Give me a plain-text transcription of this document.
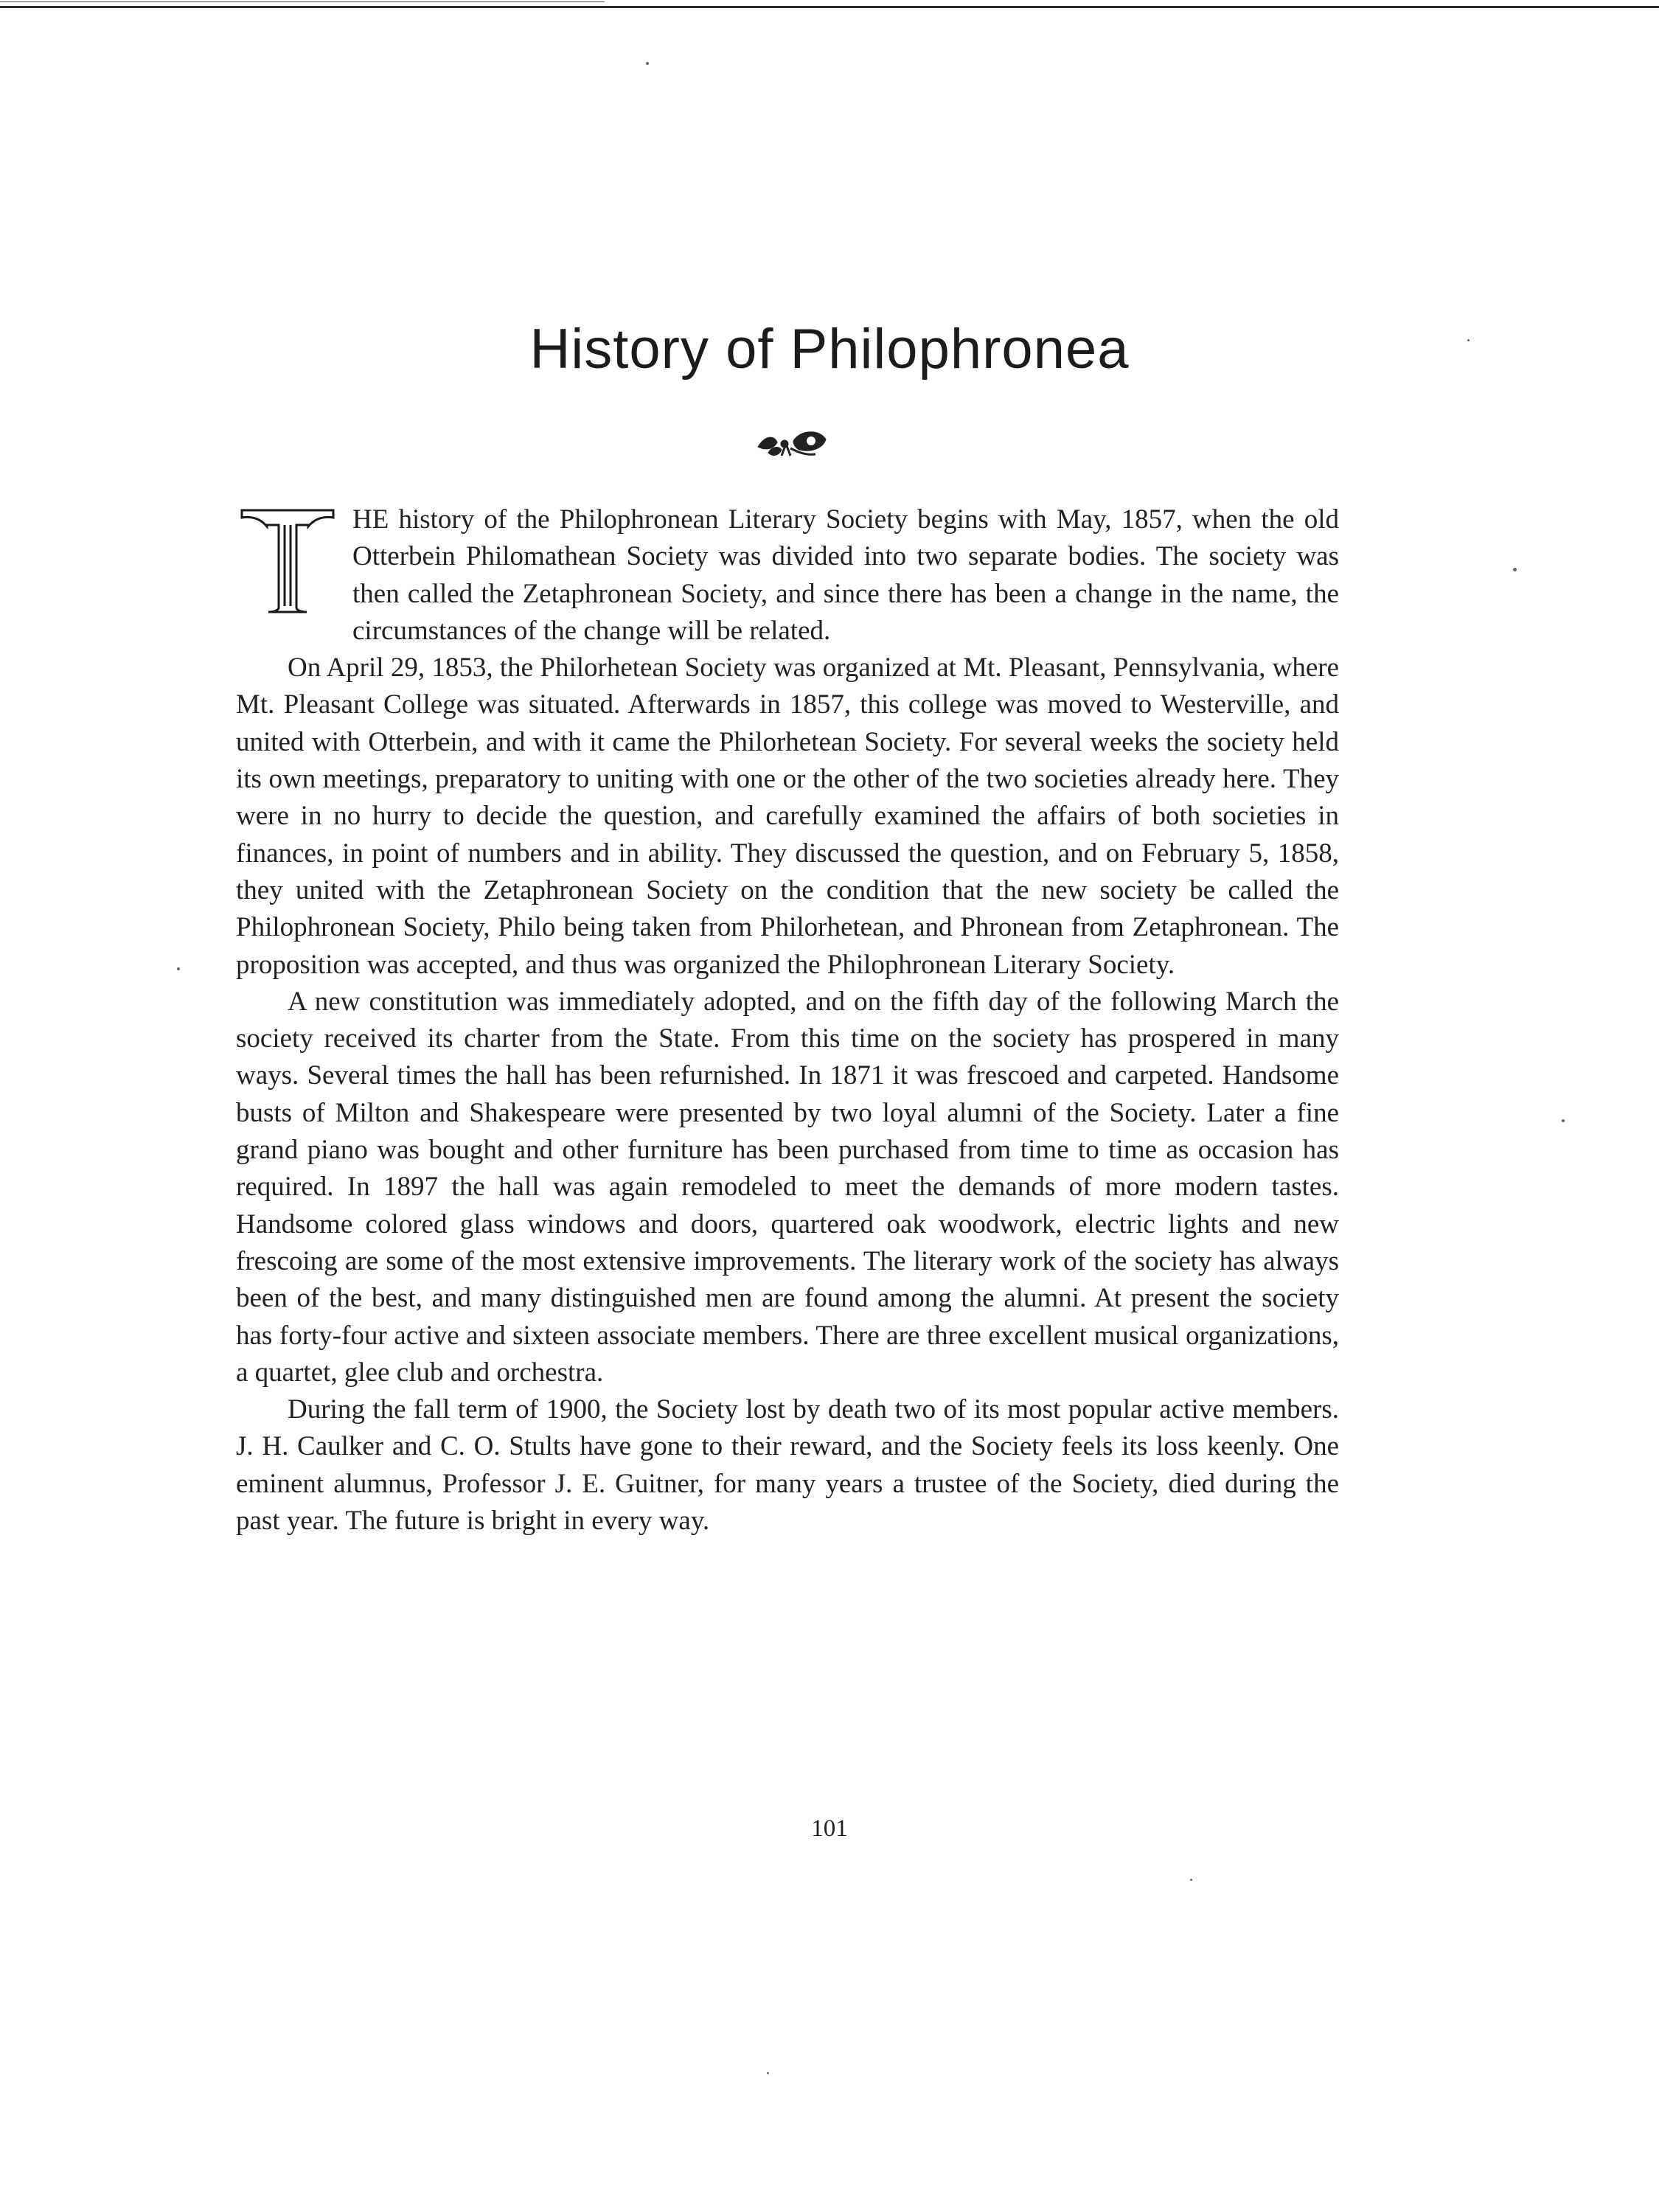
History of Philophronea

HE history of the Philophronean Literary Society begins with May, 1857, when the old Otterbein Philomathean Society was divided into two separate bodies. The society was then called the Zetaphronean Society, and since there has been a change in the name, the circumstances of the change will be related.

On April 29, 1853, the Philorhetean Society was organized at Mt. Pleasant, Pennsylvania, where Mt. Pleasant College was situated. Afterwards in 1857, this college was moved to Westerville, and united with Otterbein, and with it came the Philorhetean Society. For several weeks the society held its own meetings, preparatory to uniting with one or the other of the two societies already here. They were in no hurry to decide the question, and carefully examined the affairs of both societies in finances, in point of numbers and in ability. They discussed the question, and on February 5, 1858, they united with the Zetaphronean Society on the condition that the new society be called the Philophronean Society, Philo being taken from Philorhetean, and Phronean from Zetaphronean. The proposition was accepted, and thus was organized the Philophronean Literary Society.

A new constitution was immediately adopted, and on the fifth day of the following March the society received its charter from the State. From this time on the society has prospered in many ways. Several times the hall has been refurnished. In 1871 it was frescoed and carpeted. Handsome busts of Milton and Shakespeare were presented by two loyal alumni of the Society. Later a fine grand piano was bought and other furniture has been purchased from time to time as occasion has required. In 1897 the hall was again remodeled to meet the demands of more modern tastes. Handsome colored glass windows and doors, quartered oak woodwork, electric lights and new frescoing are some of the most extensive improvements. The literary work of the society has always been of the best, and many distinguished men are found among the alumni. At present the society has forty-four active and sixteen associate members. There are three excellent musical organizations, a quartet, glee club and orchestra.

During the fall term of 1900, the Society lost by death two of its most popular active members. J. H. Caulker and C. O. Stults have gone to their reward, and the Society feels its loss keenly. One eminent alumnus, Professor J. E. Guitner, for many years a trustee of the Society, died during the past year. The future is bright in every way.

101
